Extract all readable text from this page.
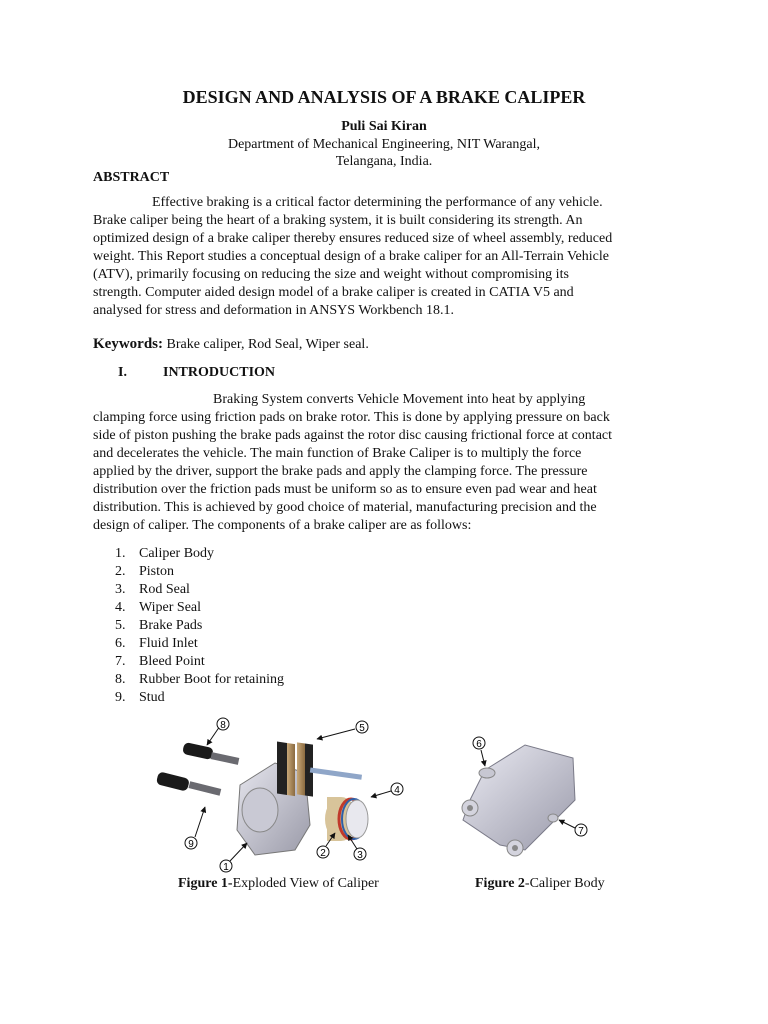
DESIGN AND ANALYSIS OF A BRAKE CALIPER
Puli Sai Kiran
Department of Mechanical Engineering, NIT Warangal,
Telangana, India.
ABSTRACT
Effective braking is a critical factor determining the performance of any vehicle.
Brake caliper being the heart of a braking system, it is built considering its strength. An
optimized design of a brake caliper thereby ensures reduced size of wheel assembly, reduced
weight. This Report studies a conceptual design of a brake caliper for an All-Terrain Vehicle
(ATV), primarily focusing on reducing the size and weight without compromising its
strength. Computer aided design model of a brake caliper is created in CATIA V5 and
analysed for stress and deformation in ANSYS Workbench 18.1.
Keywords: Brake caliper, Rod Seal, Wiper seal.
I.	INTRODUCTION
Braking System converts Vehicle Movement into heat by applying
clamping force using friction pads on brake rotor. This is done by applying pressure on back
side of piston pushing the brake pads against the rotor disc causing frictional force at contact
and decelerates the vehicle. The main function of Brake Caliper is to multiply the force
applied by the driver, support the brake pads and apply the clamping force. The pressure
distribution over the friction pads must be uniform so as to ensure even pad wear and heat
distribution. This is achieved by good choice of material, manufacturing precision and the
design of caliper. The components of a brake caliper are as follows:
1. Caliper Body
2. Piston
3. Rod Seal
4. Wiper Seal
5. Brake Pads
6. Fluid Inlet
7. Bleed Point
8. Rubber Boot for retaining
9. Stud
8	5
4
9
1
2	3
6
7
Figure 1-Exploded View of Caliper	Figure 2-Caliper Body
